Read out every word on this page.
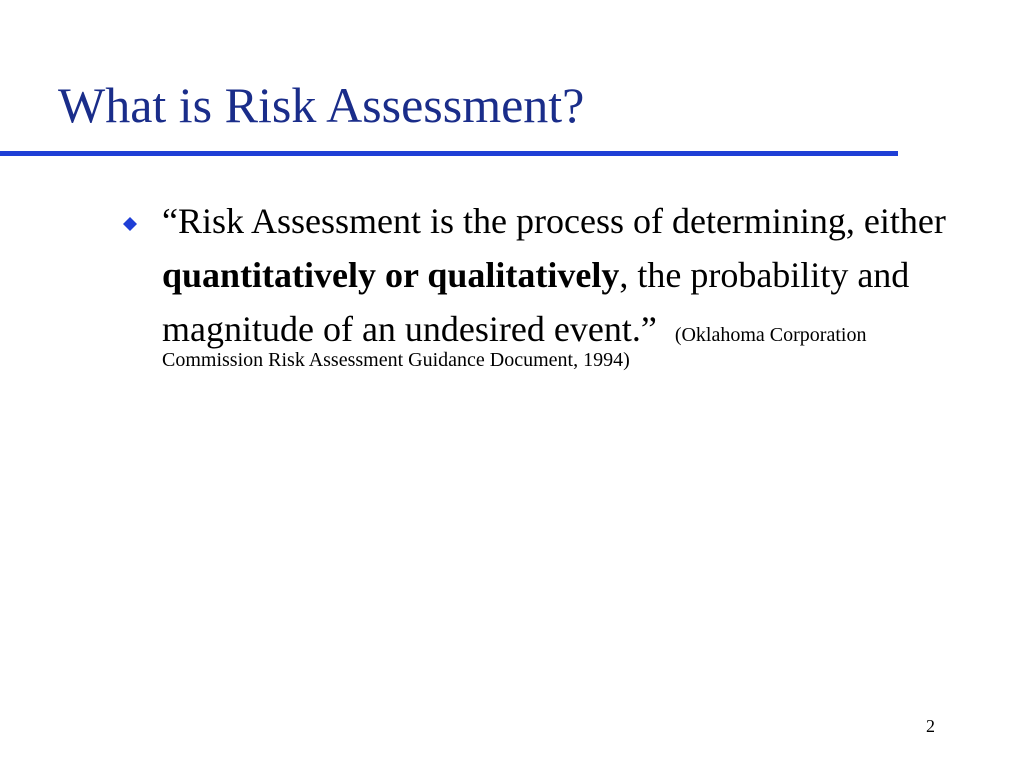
What is Risk Assessment?
“Risk Assessment is the process of determining, either quantitatively or qualitatively, the probability and magnitude of an undesired event.” (Oklahoma Corporation
Commission Risk Assessment Guidance Document, 1994)
2
